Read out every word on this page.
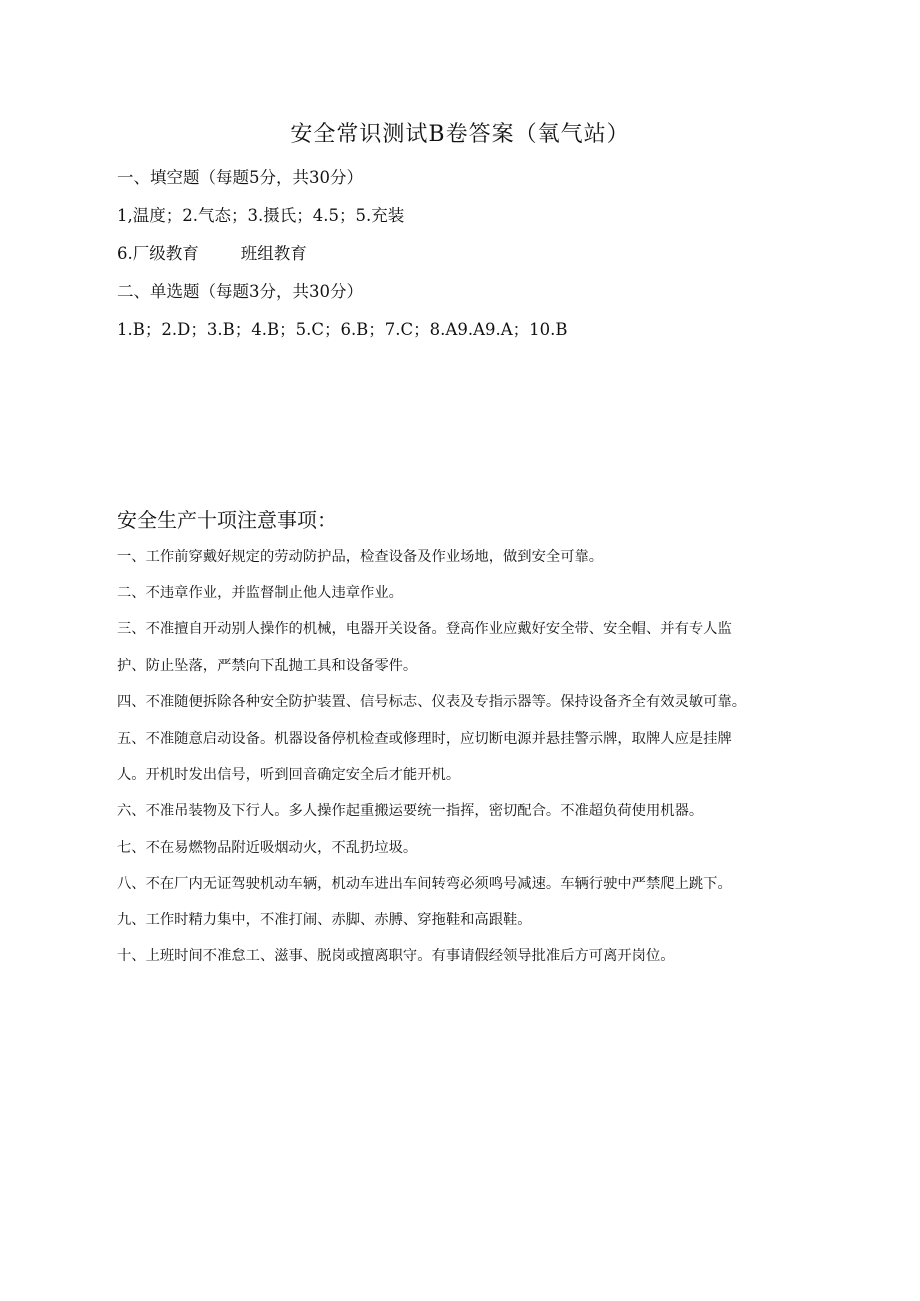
安全常识测试B卷答案（氧气站）

一、填空题（每题5分，共30分）

1,温度；2.气态；3.摄氏；4.5；5.充装

6.厂级教育	班组教育

二、单选题（每题3分，共30分）

1.B；2.D；3.B；4.B；5.C；6.B；7.C；8.A9.A9.A；10.B

安全生产十项注意事项：

一、工作前穿戴好规定的劳动防护品，检查设备及作业场地，做到安全可靠。

二、不违章作业，并监督制止他人违章作业。

三、不准擅自开动别人操作的机械，电器开关设备。登高作业应戴好安全带、安全帽、并有专人监

护、防止坠落，严禁向下乱抛工具和设备零件。

四、不准随便拆除各种安全防护装置、信号标志、仪表及专指示器等。保持设备齐全有效灵敏可靠。

五、不准随意启动设备。机器设备停机检查或修理时，应切断电源并悬挂警示牌，取牌人应是挂牌

人。开机时发出信号，听到回音确定安全后才能开机。

六、不准吊装物及下行人。多人操作起重搬运要统一指挥，密切配合。不准超负荷使用机器。

七、不在易燃物品附近吸烟动火，不乱扔垃圾。

八、不在厂内无证驾驶机动车辆，机动车进出车间转弯必须鸣号减速。车辆行驶中严禁爬上跳下。

九、工作时精力集中，不准打闹、赤脚、赤膊、穿拖鞋和高跟鞋。

十、上班时间不准怠工、滋事、脱岗或擅离职守。有事请假经领导批准后方可离开岗位。
